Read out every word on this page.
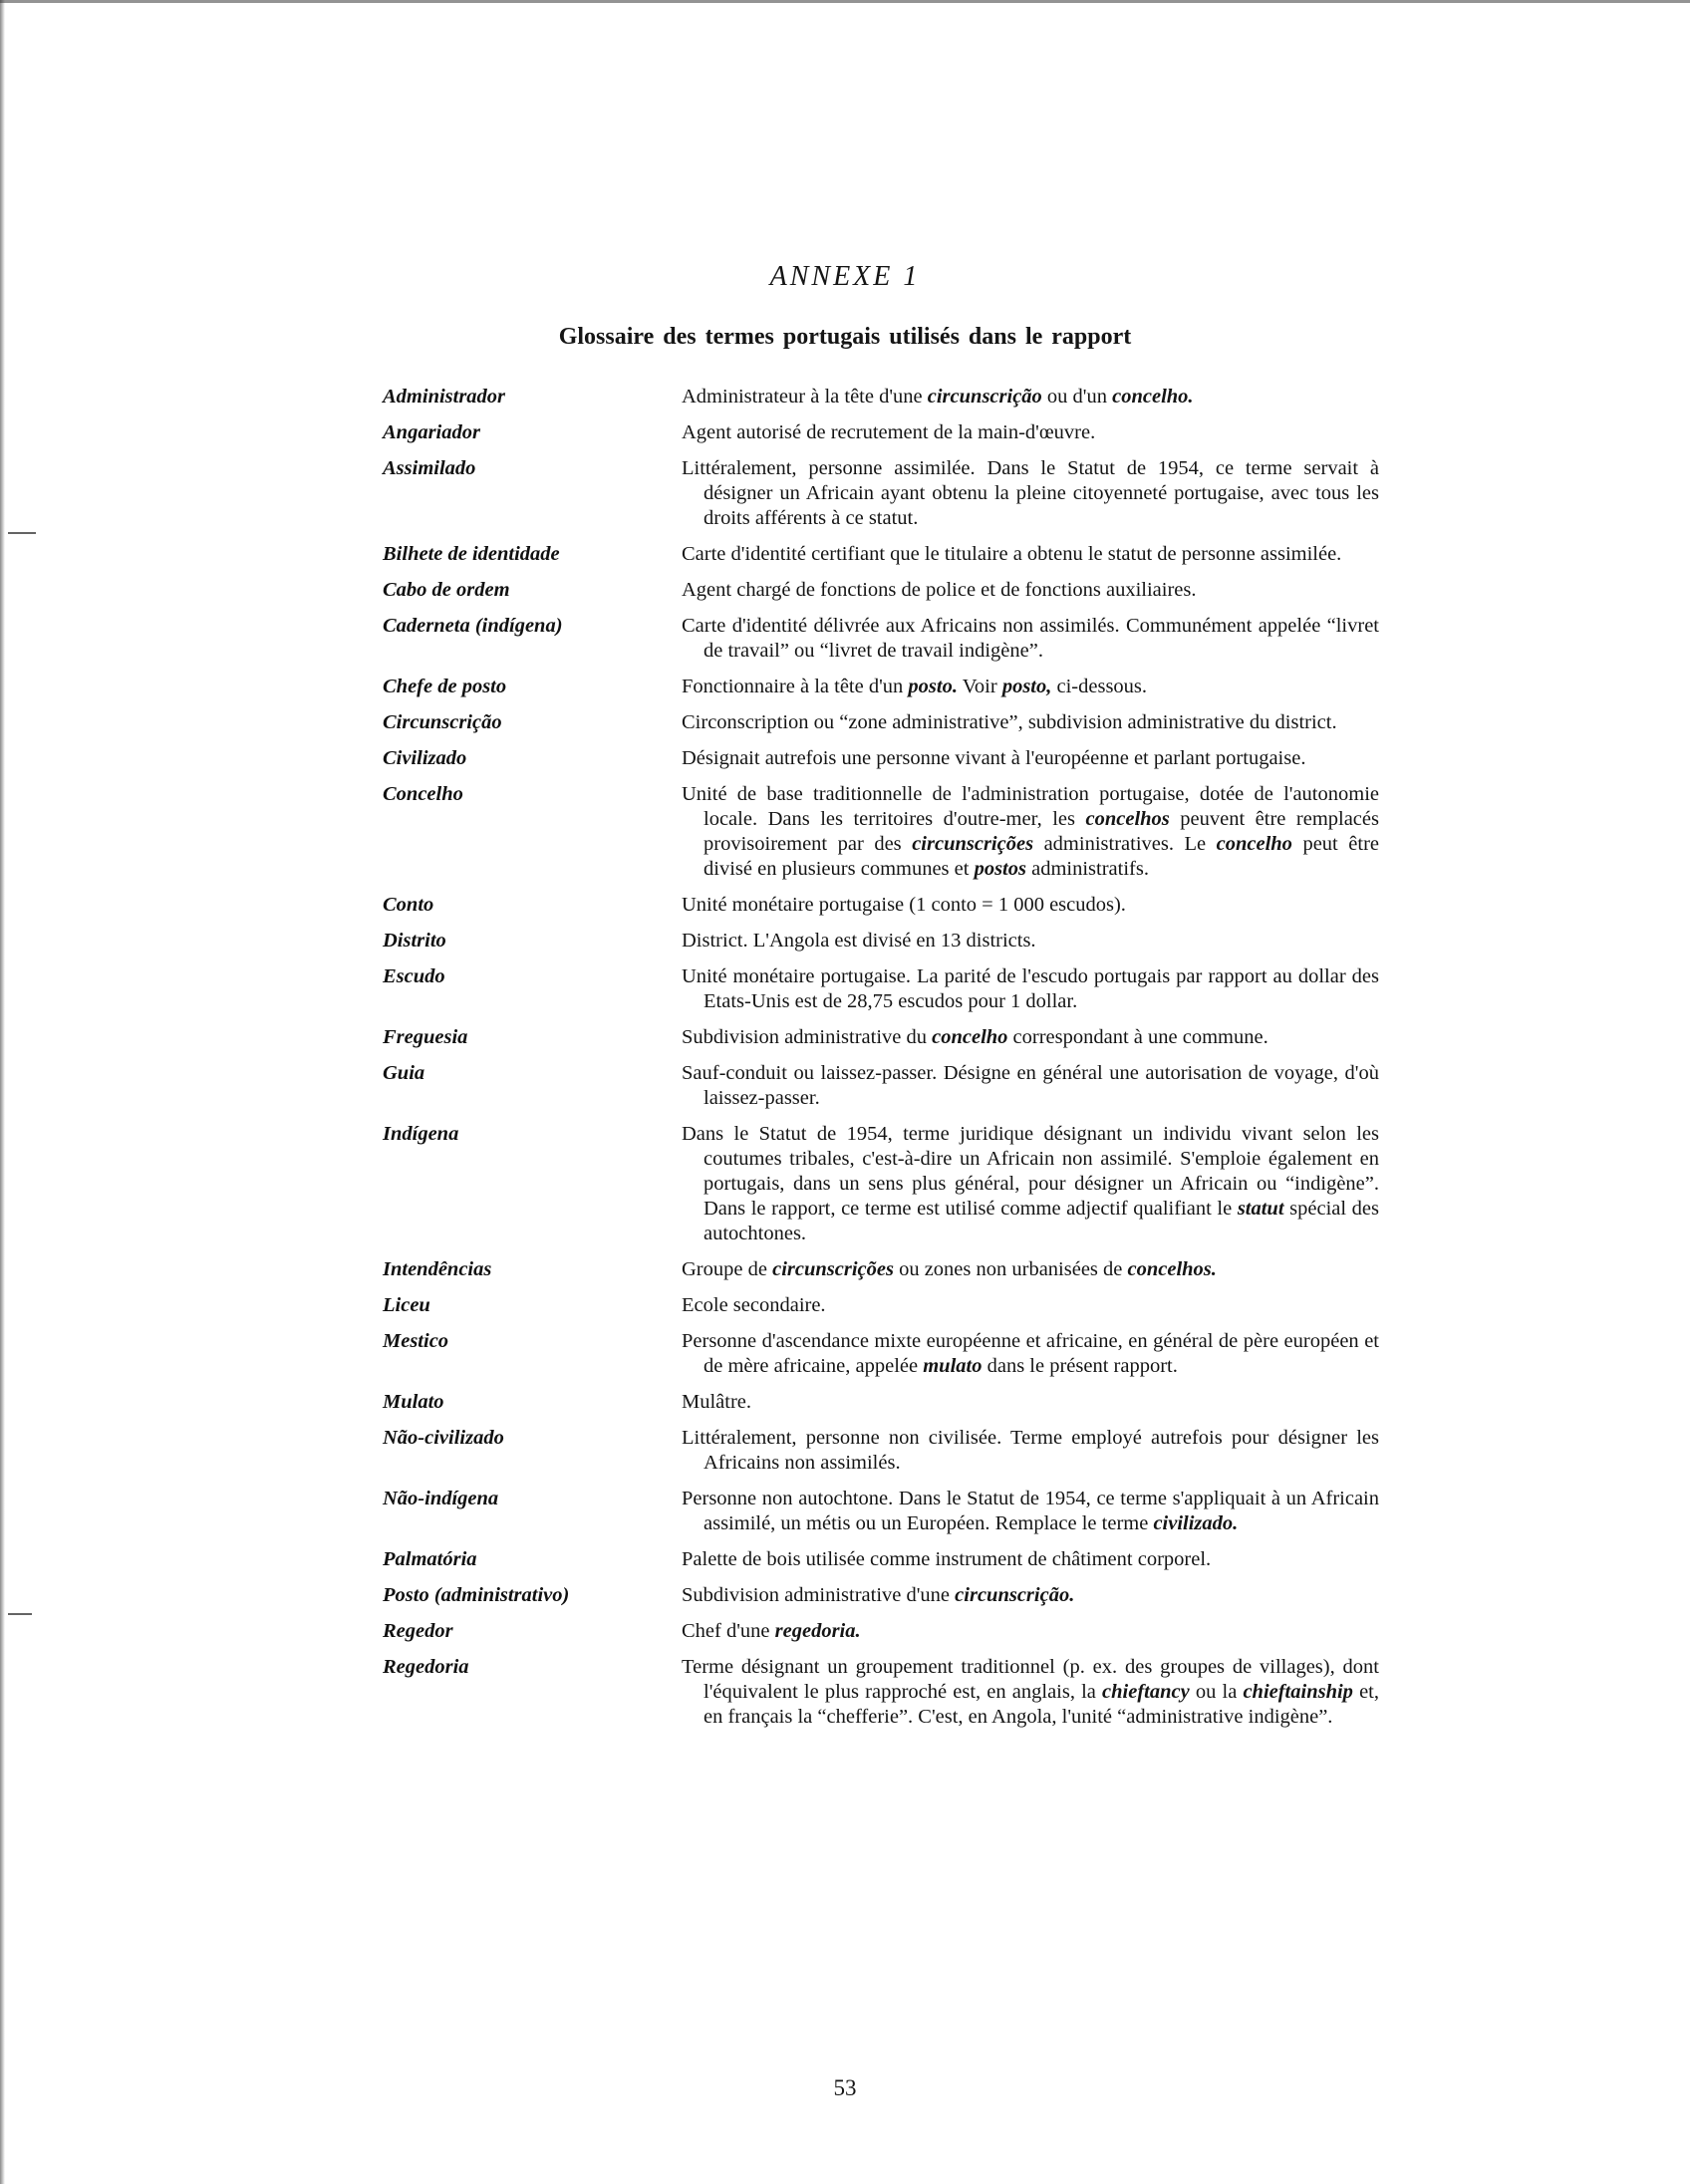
ANNEXE 1
Glossaire des termes portugais utilisés dans le rapport
Administrador	Administrateur à la tête d'une circunscrição ou d'un concelho.
Angariador	Agent autorisé de recrutement de la main-d'œuvre.
Assimilado	Littéralement, personne assimilée. Dans le Statut de 1954, ce terme servait à désigner un Africain ayant obtenu la pleine citoyenneté portugaise, avec tous les droits afférents à ce statut.
Bilhete de identidade	Carte d'identité certifiant que le titulaire a obtenu le statut de personne assimilée.
Cabo de ordem	Agent chargé de fonctions de police et de fonctions auxiliaires.
Caderneta (indígena)	Carte d'identité délivrée aux Africains non assimilés. Communément appelée “livret de travail” ou “livret de travail indigène”.
Chefe de posto	Fonctionnaire à la tête d'un posto. Voir posto, ci-dessous.
Circunscrição	Circonscription ou “zone administrative”, subdivision administrative du district.
Civilizado	Désignait autrefois une personne vivant à l'européenne et parlant portugaise.
Concelho	Unité de base traditionnelle de l'administration portugaise, dotée de l'autonomie locale. Dans les territoires d'outre-mer, les concelhos peuvent être remplacés provisoirement par des circunscrições administratives. Le concelho peut être divisé en plusieurs communes et postos administratifs.
Conto	Unité monétaire portugaise (1 conto = 1 000 escudos).
Distrito	District. L'Angola est divisé en 13 districts.
Escudo	Unité monétaire portugaise. La parité de l'escudo portugais par rapport au dollar des Etats-Unis est de 28,75 escudos pour 1 dollar.
Freguesia	Subdivision administrative du concelho correspondant à une commune.
Guia	Sauf-conduit ou laissez-passer. Désigne en général une autorisation de voyage, d'où laissez-passer.
Indígena	Dans le Statut de 1954, terme juridique désignant un individu vivant selon les coutumes tribales, c'est-à-dire un Africain non assimilé. S'emploie également en portugais, dans un sens plus général, pour désigner un Africain ou “indigène”. Dans le rapport, ce terme est utilisé comme adjectif qualifiant le statut spécial des autochtones.
Intendências	Groupe de circunscrições ou zones non urbanisées de concelhos.
Liceu	Ecole secondaire.
Mestico	Personne d'ascendance mixte européenne et africaine, en général de père européen et de mère africaine, appelée mulato dans le présent rapport.
Mulato	Mulâtre.
Não-civilizado	Littéralement, personne non civilisée. Terme employé autrefois pour désigner les Africains non assimilés.
Não-indígena	Personne non autochtone. Dans le Statut de 1954, ce terme s'appliquait à un Africain assimilé, un métis ou un Européen. Remplace le terme civilizado.
Palmatória	Palette de bois utilisée comme instrument de châtiment corporel.
Posto (administrativo)	Subdivision administrative d'une circunscrição.
Regedor	Chef d'une regedoria.
Regedoria	Terme désignant un groupement traditionnel (p. ex. des groupes de villages), dont l'équivalent le plus rapproché est, en anglais, la chieftancy ou la chieftainship et, en français la “chefferie”. C'est, en Angola, l'unité “administrative indigène”.
53
